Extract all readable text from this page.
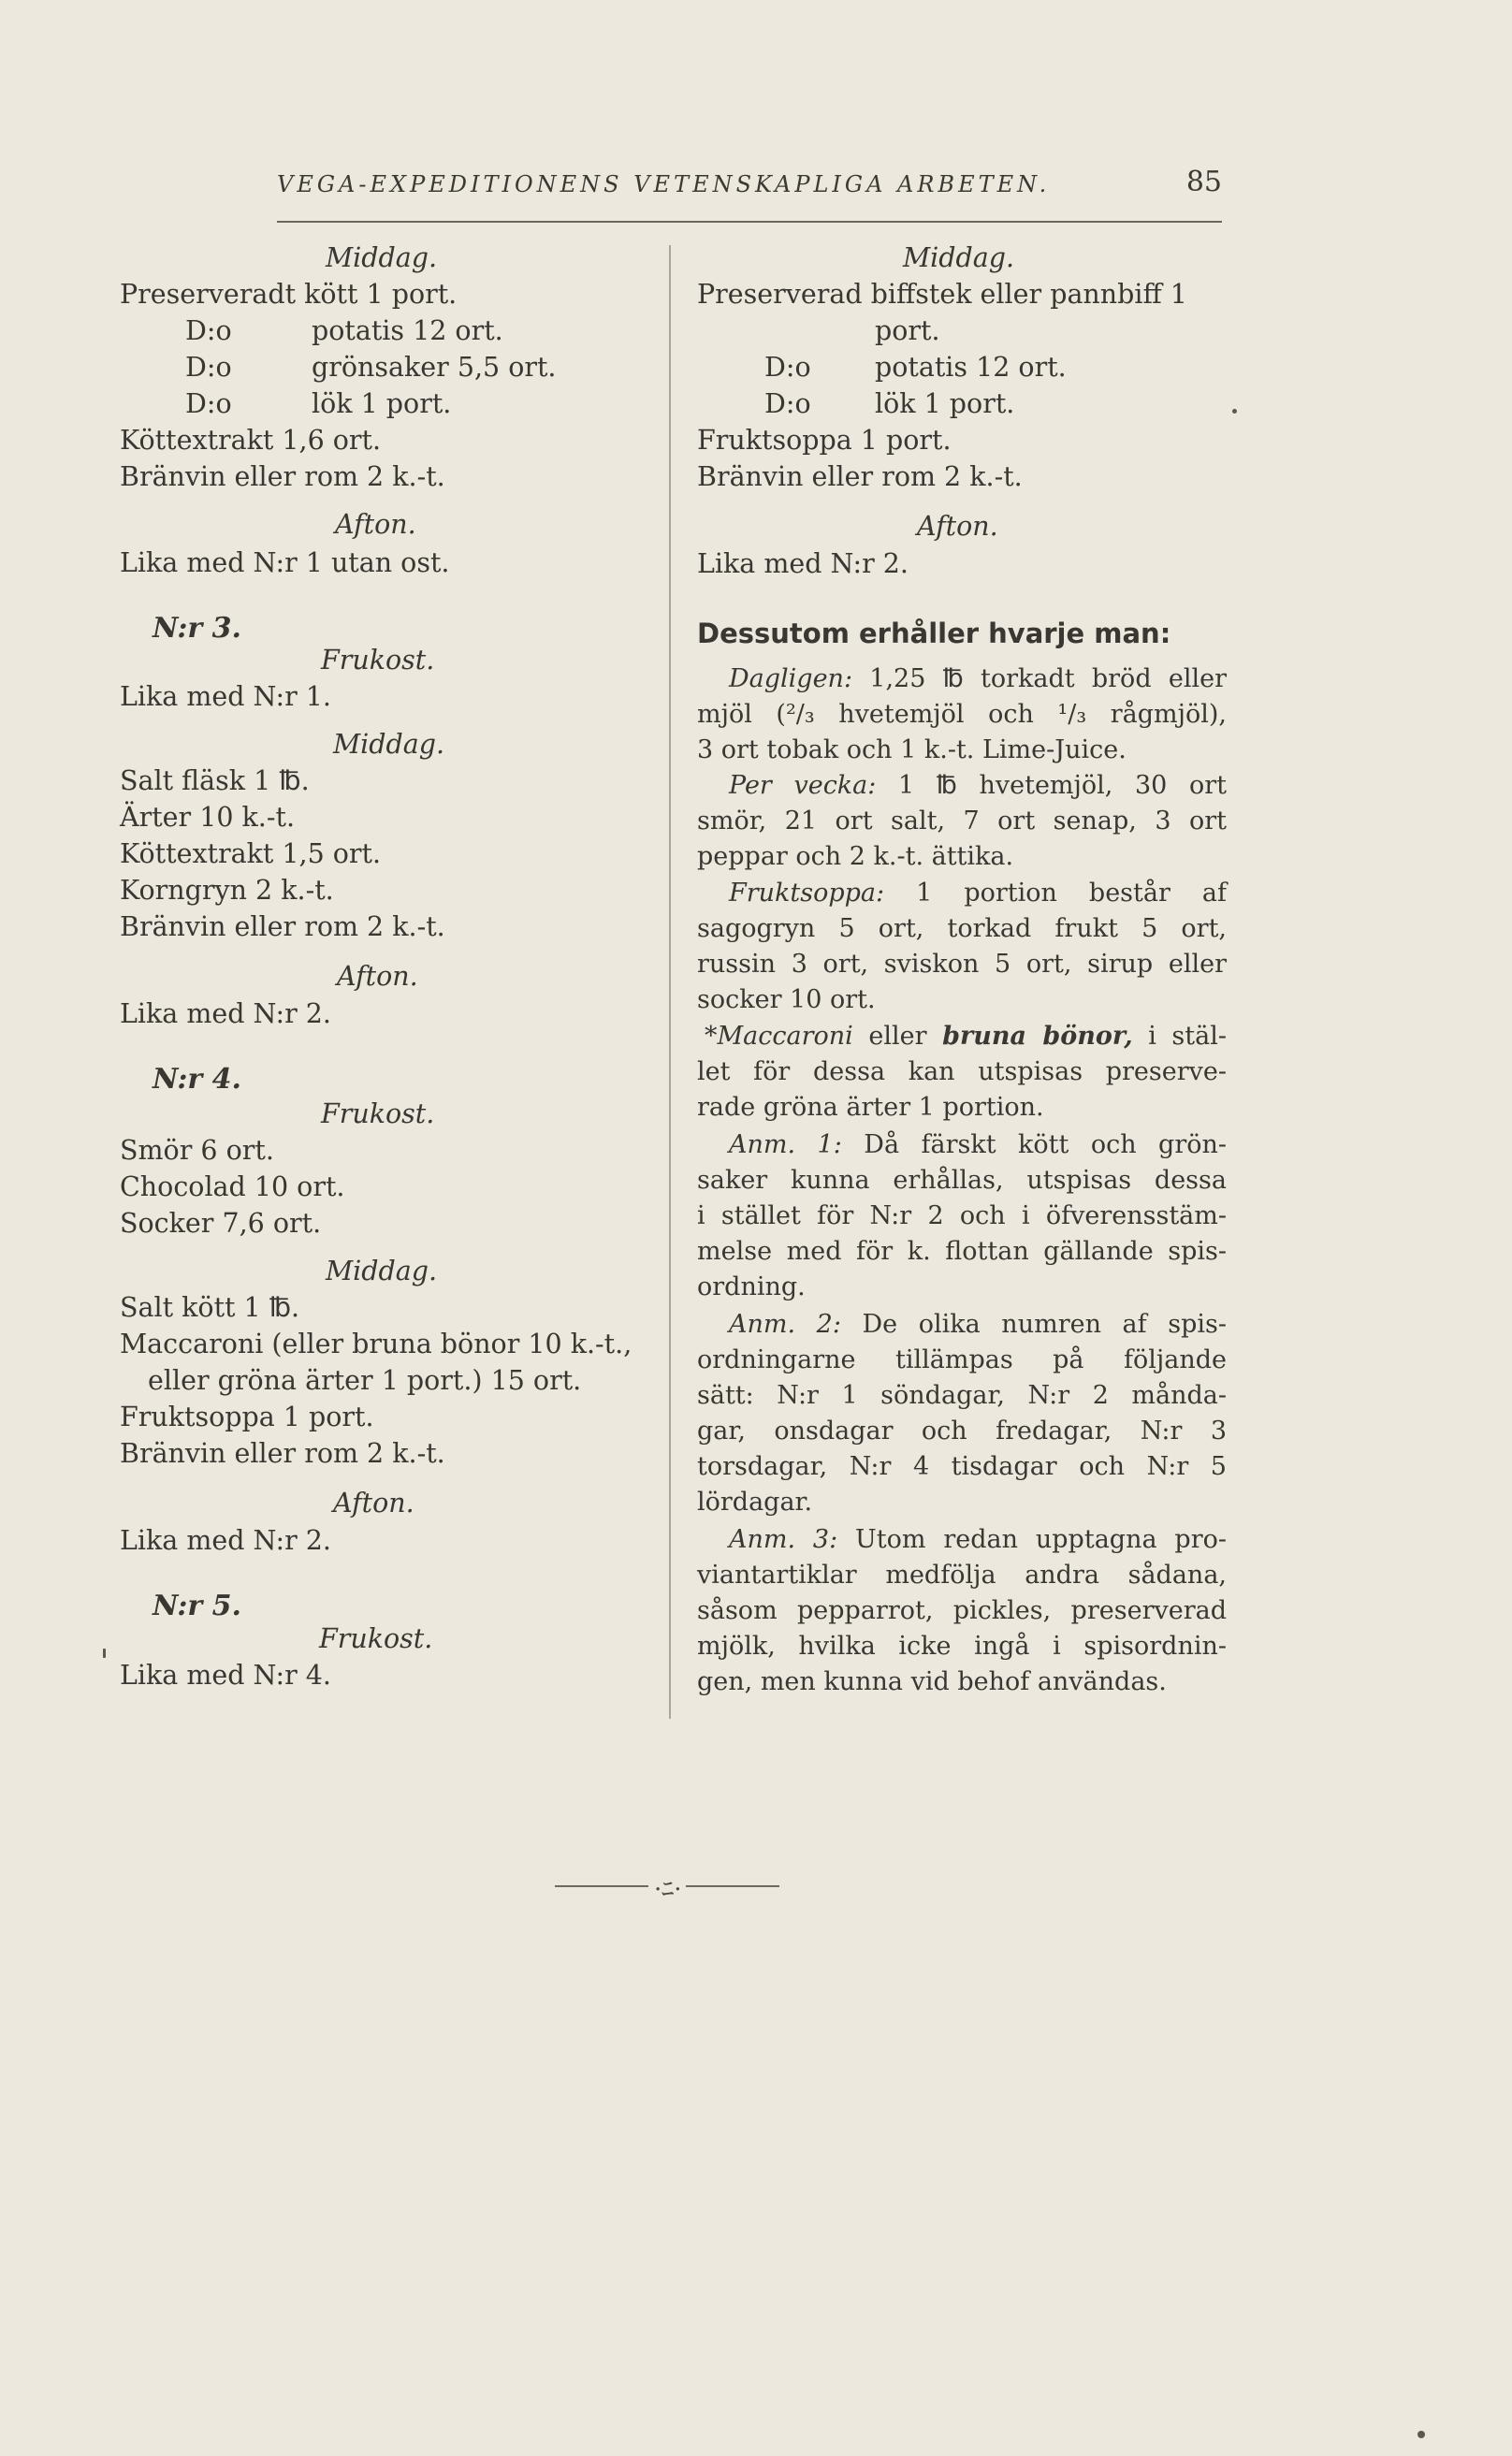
VEGA-EXPEDITIONENS VETENSKAPLIGA ARBETEN.	85
Middag.
Preserveradt kött 1 port.
D:o	potatis 12 ort.
D:o	grönsaker 5,5 ort.
D:o	lök 1 port.
Köttextrakt 1,6 ort.
Bränvin eller rom 2 k.-t.
Afton.
Lika med N:r 1 utan ost.
N:r 3.
Frukost.
Lika med N:r 1.
Middag.
Salt fläsk 1 ℔.
Ärter 10 k.-t.
Köttextrakt 1,5 ort.
Korngryn 2 k.-t.
Bränvin eller rom 2 k.-t.
Afton.
Lika med N:r 2.
N:r 4.
Frukost.
Smör 6 ort.
Chocolad 10 ort.
Socker 7,6 ort.
Middag.
Salt kött 1 ℔.
Maccaroni (eller bruna bönor 10 k.-t.,
eller gröna ärter 1 port.) 15 ort.
Fruktsoppa 1 port.
Bränvin eller rom 2 k.-t.
Afton.
Lika med N:r 2.
N:r 5.
Frukost.
Lika med N:r 4.
Middag.
Preserverad biffstek eller pannbiff 1
port.
D:o potatis 12 ort.
D:o lök 1 port.
Fruktsoppa 1 port.
Bränvin eller rom 2 k.-t.
Afton.
Lika med N:r 2.
Dessutom erhåller hvarje man:
Dagligen: 1,25 ℔ torkadt bröd eller
mjöl (²/₃ hvetemjöl och ¹/₃ rågmjöl),
3 ort tobak och 1 k.-t. Lime-Juice.
Per vecka: 1 ℔ hvetemjöl, 30 ort
smör, 21 ort salt, 7 ort senap, 3 ort
peppar och 2 k.-t. ättika.
Fruktsoppa: 1 portion består af
sagogryn 5 ort, torkad frukt 5 ort,
russin 3 ort, sviskon 5 ort, sirup eller
socker 10 ort.
*Maccaroni eller bruna bönor, i stäl-
let för dessa kan utspisas preserve-
rade gröna ärter 1 portion.
Anm. 1: Då färskt kött och grön-
saker kunna erhållas, utspisas dessa
i stället för N:r 2 och i öfverensstäm-
melse med för k. flottan gällande spis-
ordning.
Anm. 2: De olika numren af spis-
ordningarne tillämpas på följande
sätt: N:r 1 söndagar, N:r 2 månda-
gar, onsdagar och fredagar, N:r 3
torsdagar, N:r 4 tisdagar och N:r 5
lördagar.
Anm. 3: Utom redan upptagna pro-
viantartiklar medfölja andra sådana,
såsom pepparrot, pickles, preserverad
mjölk, hvilka icke ingå i spisordnin-
gen, men kunna vid behof användas.
·ﾆ·
